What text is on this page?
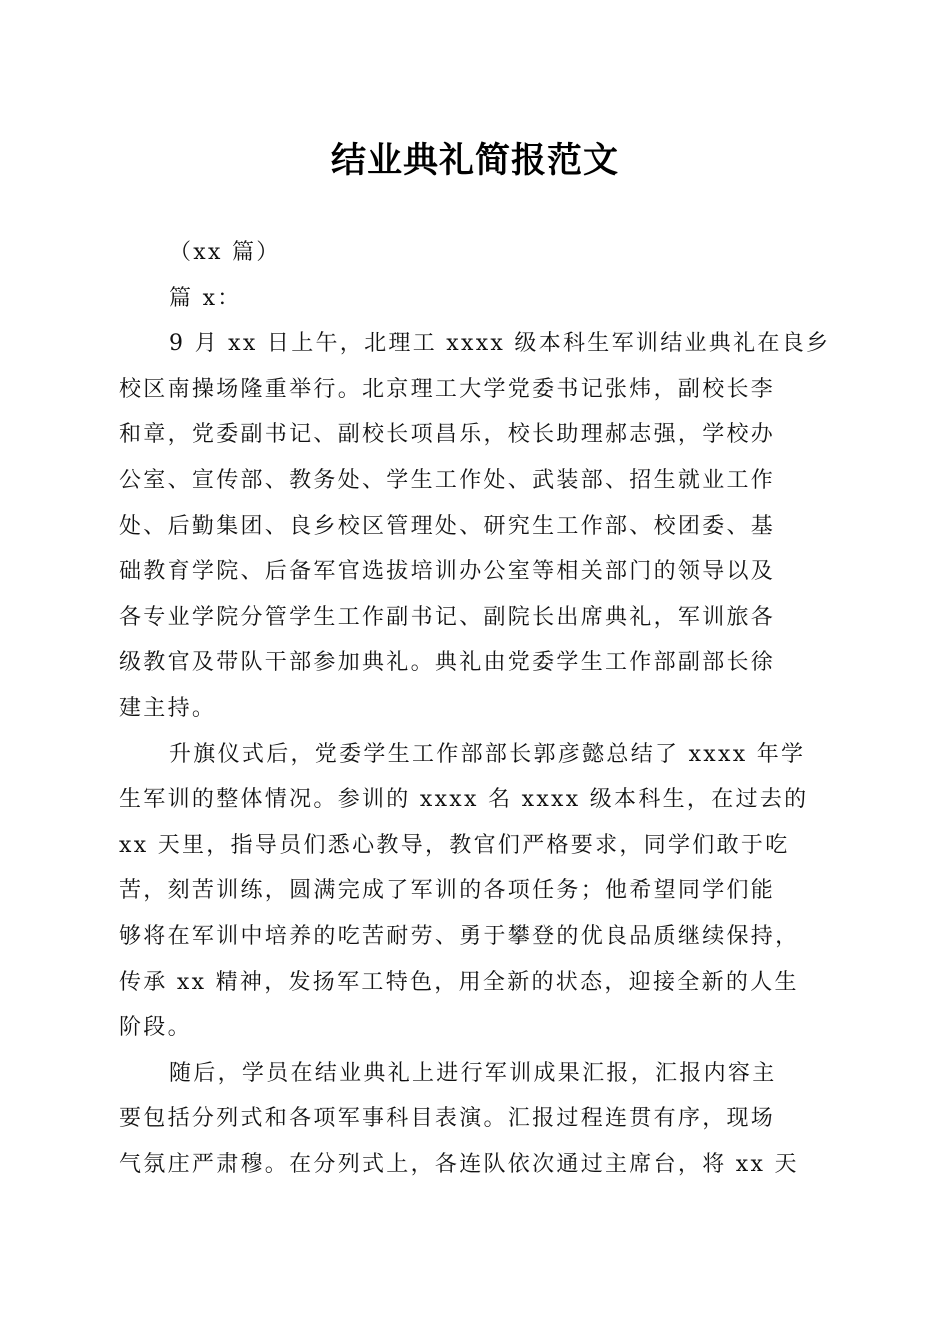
结业典礼简报范文
（xx 篇）
篇 x：
9 月 xx 日上午，北理工 xxxx 级本科生军训结业典礼在良乡
校区南操场隆重举行。北京理工大学党委书记张炜，副校长李
和章，党委副书记、副校长项昌乐，校长助理郝志强，学校办
公室、宣传部、教务处、学生工作处、武装部、招生就业工作
处、后勤集团、良乡校区管理处、研究生工作部、校团委、基
础教育学院、后备军官选拔培训办公室等相关部门的领导以及
各专业学院分管学生工作副书记、副院长出席典礼，军训旅各
级教官及带队干部参加典礼。典礼由党委学生工作部副部长徐
建主持。
升旗仪式后，党委学生工作部部长郭彦懿总结了 xxxx 年学
生军训的整体情况。参训的 xxxx 名 xxxx 级本科生，在过去的
xx 天里，指导员们悉心教导，教官们严格要求，同学们敢于吃
苦，刻苦训练，圆满完成了军训的各项任务；他希望同学们能
够将在军训中培养的吃苦耐劳、勇于攀登的优良品质继续保持，
传承 xx 精神，发扬军工特色，用全新的状态，迎接全新的人生
阶段。
随后，学员在结业典礼上进行军训成果汇报，汇报内容主
要包括分列式和各项军事科目表演。汇报过程连贯有序，现场
气氛庄严肃穆。在分列式上，各连队依次通过主席台，将 xx 天
